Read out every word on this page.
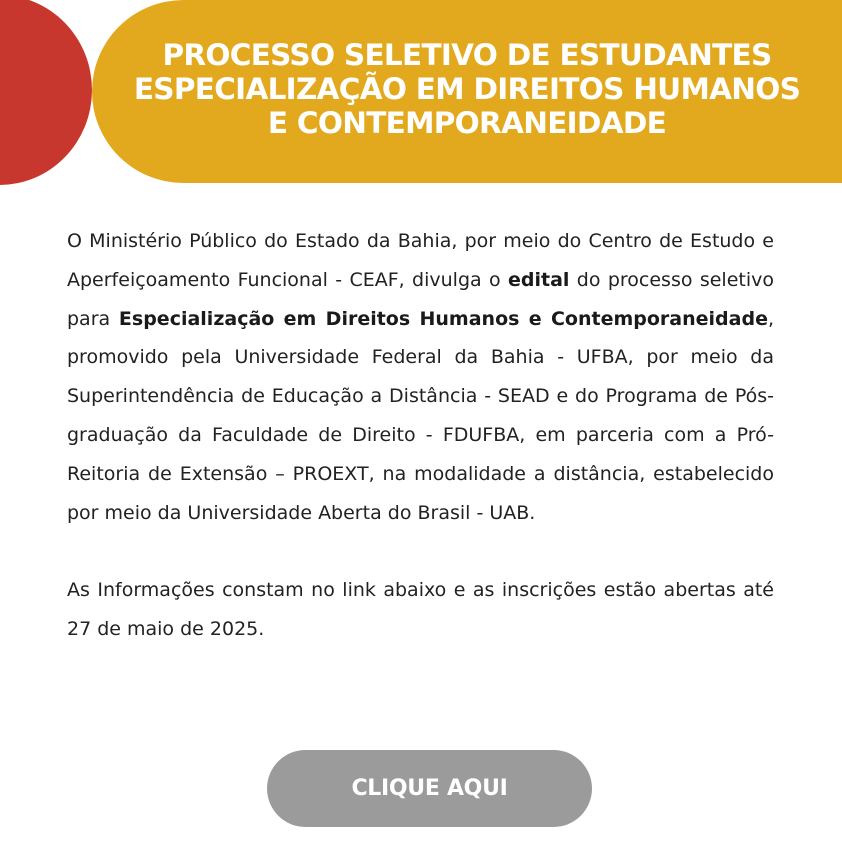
PROCESSO SELETIVO DE ESTUDANTES
ESPECIALIZAÇÃO EM DIREITOS HUMANOS
E CONTEMPORANEIDADE

O Ministério Público do Estado da Bahia, por meio do Centro de Estudo e Aperfeiçoamento Funcional - CEAF, divulga o edital do processo seletivo para Especialização em Direitos Humanos e Contemporaneidade, promovido pela Universidade Federal da Bahia - UFBA, por meio da Superintendência de Educação a Distância - SEAD e do Programa de Pós-graduação da Faculdade de Direito - FDUFBA, em parceria com a Pró-Reitoria de Extensão – PROEXT, na modalidade a distância, estabelecido por meio da Universidade Aberta do Brasil - UAB.

As Informações constam no link abaixo e as inscrições estão abertas até 27 de maio de 2025.

CLIQUE AQUI
